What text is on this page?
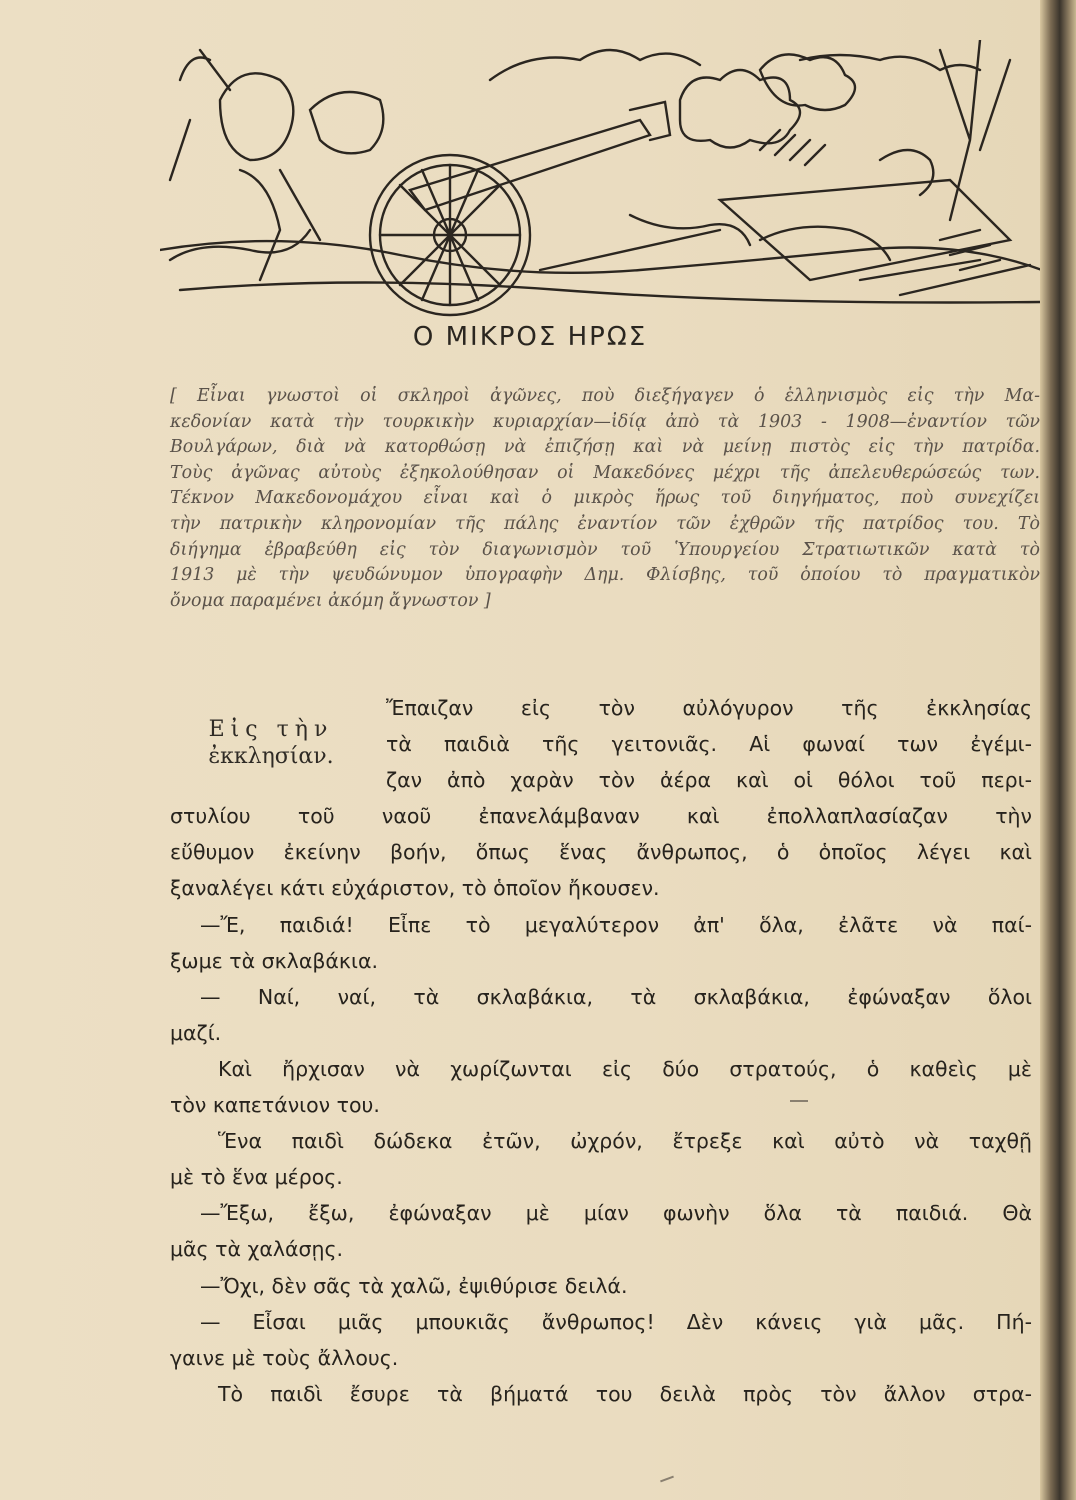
Ο ΜΙΚΡΟΣ ΗΡΩΣ
[ Εἶναι γνωστοὶ οἱ σκληροὶ ἀγῶνες, ποὺ διεξήγαγεν ὁ ἑλληνισμὸς εἰς τὴν Μα-
κεδονίαν κατὰ τὴν τουρκικὴν κυριαρχίαν—ἰδίᾳ ἀπὸ τὰ 1903 - 1908—ἐναντίον τῶν
Βουλγάρων, διὰ νὰ κατορθώσῃ νὰ ἐπιζήσῃ καὶ νὰ μείνῃ πιστὸς εἰς τὴν πατρίδα.
Τοὺς ἀγῶνας αὐτοὺς ἐξηκολούθησαν οἱ Μακεδόνες μέχρι τῆς ἀπελευθερώσεώς των.
Τέκνον Μακεδονομάχου εἶναι καὶ ὁ μικρὸς ἥρως τοῦ διηγήματος, ποὺ συνεχίζει
τὴν πατρικὴν κληρονομίαν τῆς πάλης ἐναντίον τῶν ἐχθρῶν τῆς πατρίδος του. Τὸ
διήγημα ἐβραβεύθη εἰς τὸν διαγωνισμὸν τοῦ Ὑπουργείου Στρατιωτικῶν κατὰ τὸ
1913 μὲ τὴν ψευδώνυμον ὑπογραφὴν Δημ. Φλίσβης, τοῦ ὁποίου τὸ πραγματικὸν
ὄνομα παραμένει ἀκόμη ἄγνωστον ]
Εἰς τὴν
ἐκκλησίαν.
Ἔπαιζαν εἰς τὸν αὐλόγυρον τῆς ἐκκλησίας
τὰ παιδιὰ τῆς γειτονιᾶς. Αἱ φωναί των ἐγέμι-
ζαν ἀπὸ χαρὰν τὸν ἀέρα καὶ οἱ θόλοι τοῦ περι-
στυλίου τοῦ ναοῦ ἐπανελάμβαναν καὶ ἐπολλαπλασίαζαν τὴν
εὔθυμον ἐκείνην βοήν, ὅπως ἕνας ἄνθρωπος, ὁ ὁποῖος λέγει καὶ
ξαναλέγει κάτι εὐχάριστον, τὸ ὁποῖον ἤκουσεν.
—Ἔ, παιδιά! Εἶπε τὸ μεγαλύτερον ἀπ' ὅλα, ἐλᾶτε νὰ παί-
ξωμε τὰ σκλαβάκια.
— Ναί, ναί, τὰ σκλαβάκια, τὰ σκλαβάκια, ἐφώναξαν ὅλοι
μαζί.
Καὶ ἤρχισαν νὰ χωρίζωνται εἰς δύο στρατούς, ὁ καθεὶς μὲ
τὸν καπετάνιον του.
Ἕνα παιδὶ δώδεκα ἐτῶν, ὠχρόν, ἔτρεξε καὶ αὐτὸ νὰ ταχθῇ
μὲ τὸ ἕνα μέρος.
—Ἔξω, ἔξω, ἐφώναξαν μὲ μίαν φωνὴν ὅλα τὰ παιδιά. Θὰ
μᾶς τὰ χαλάσῃς.
—Ὄχι, δὲν σᾶς τὰ χαλῶ, ἐψιθύρισε δειλά.
— Εἶσαι μιᾶς μπουκιᾶς ἄνθρωπος! Δὲν κάνεις γιὰ μᾶς. Πή-
γαινε μὲ τοὺς ἄλλους.
Τὸ παιδὶ ἔσυρε τὰ βήματά του δειλὰ πρὸς τὸν ἄλλον στρα-
